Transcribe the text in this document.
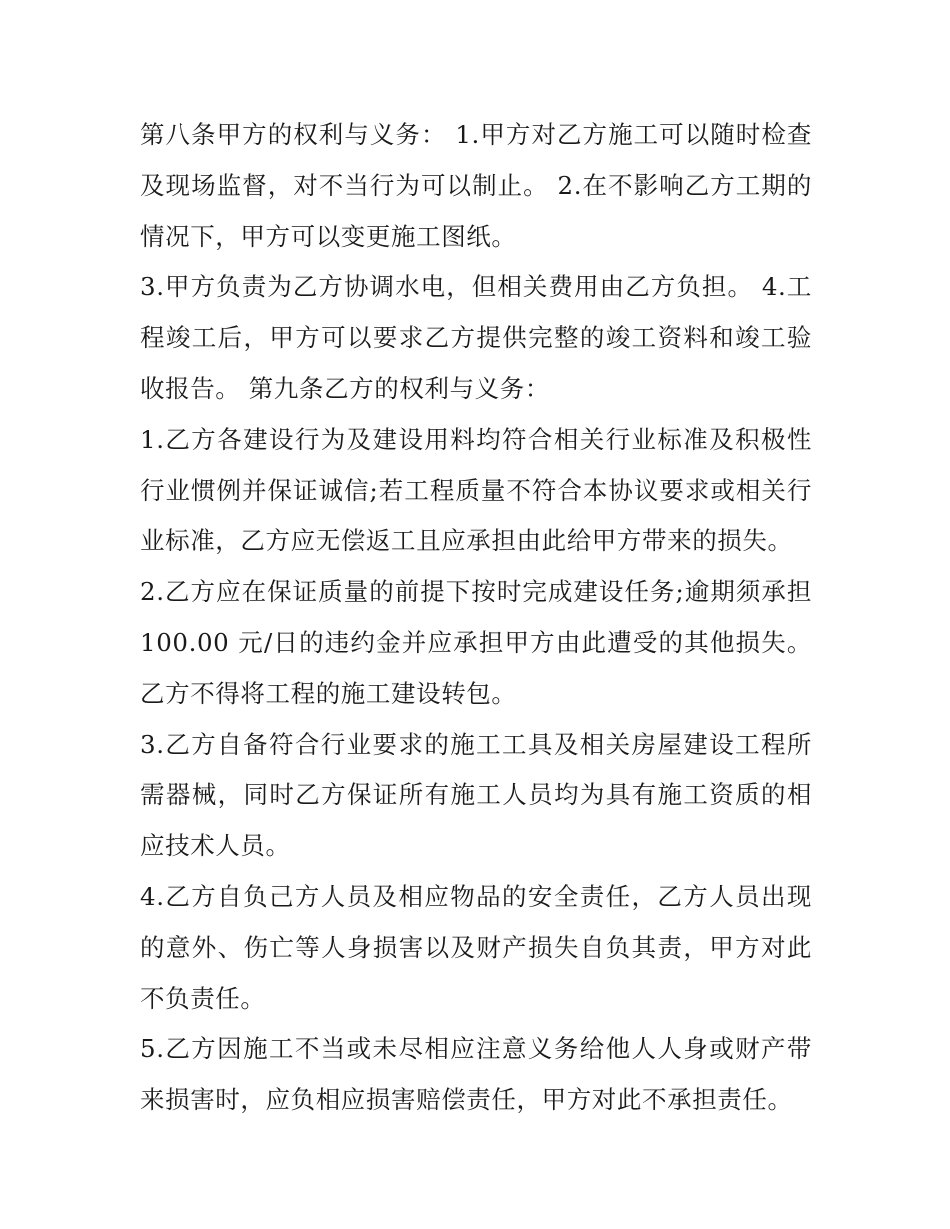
第八条甲方的权利与义务： 1.甲方对乙方施工可以随时检查及现场监督，对不当行为可以制止。 2.在不影响乙方工期的情况下，甲方可以变更施工图纸。

3.甲方负责为乙方协调水电，但相关费用由乙方负担。 4.工程竣工后，甲方可以要求乙方提供完整的竣工资料和竣工验收报告。 第九条乙方的权利与义务：

1.乙方各建设行为及建设用料均符合相关行业标准及积极性行业惯例并保证诚信;若工程质量不符合本协议要求或相关行业标准，乙方应无偿返工且应承担由此给甲方带来的损失。

2.乙方应在保证质量的前提下按时完成建设任务;逾期须承担100.00 元/日的违约金并应承担甲方由此遭受的其他损失。乙方不得将工程的施工建设转包。

3.乙方自备符合行业要求的施工工具及相关房屋建设工程所需器械，同时乙方保证所有施工人员均为具有施工资质的相应技术人员。

4.乙方自负己方人员及相应物品的安全责任，乙方人员出现的意外、伤亡等人身损害以及财产损失自负其责，甲方对此不负责任。

5.乙方因施工不当或未尽相应注意义务给他人人身或财产带来损害时，应负相应损害赔偿责任，甲方对此不承担责任。
